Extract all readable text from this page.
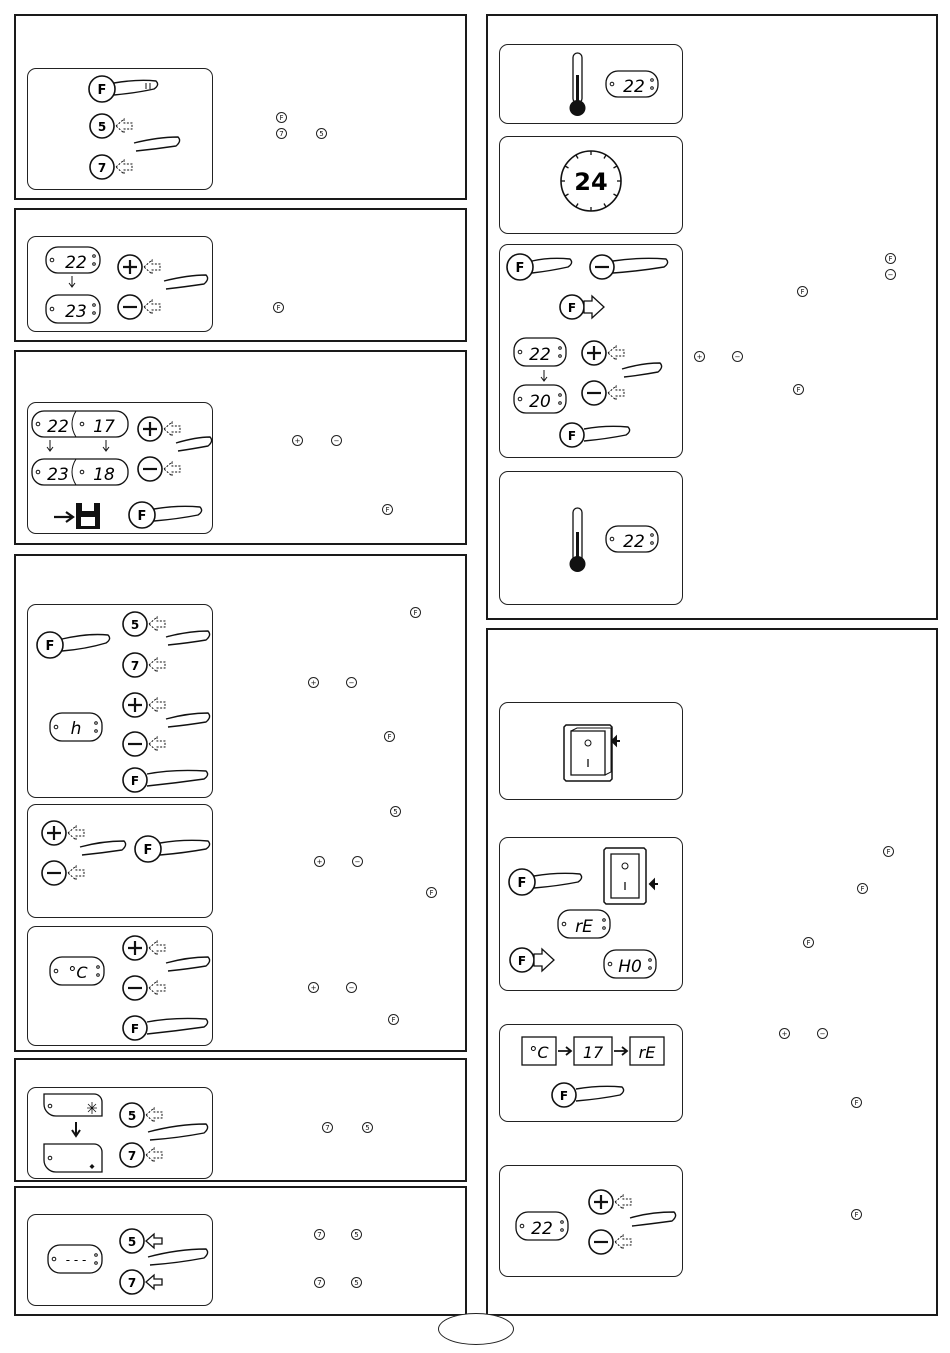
F
5
7
F
7	5
22
23	F
22 17
23 18
F
+	−
F
F
5
7
h
F
F
+	−
F
F
5
+	−
F
°C
F
+	−
F
5
7
7	5
- - -
5
7
7	5
7	5
22
24
F
F
22
20
F
F
−
F
+	−
F
22
F
rE
F	H0
F
F
F
°C 17 rE
F
+	−
F
22
F
